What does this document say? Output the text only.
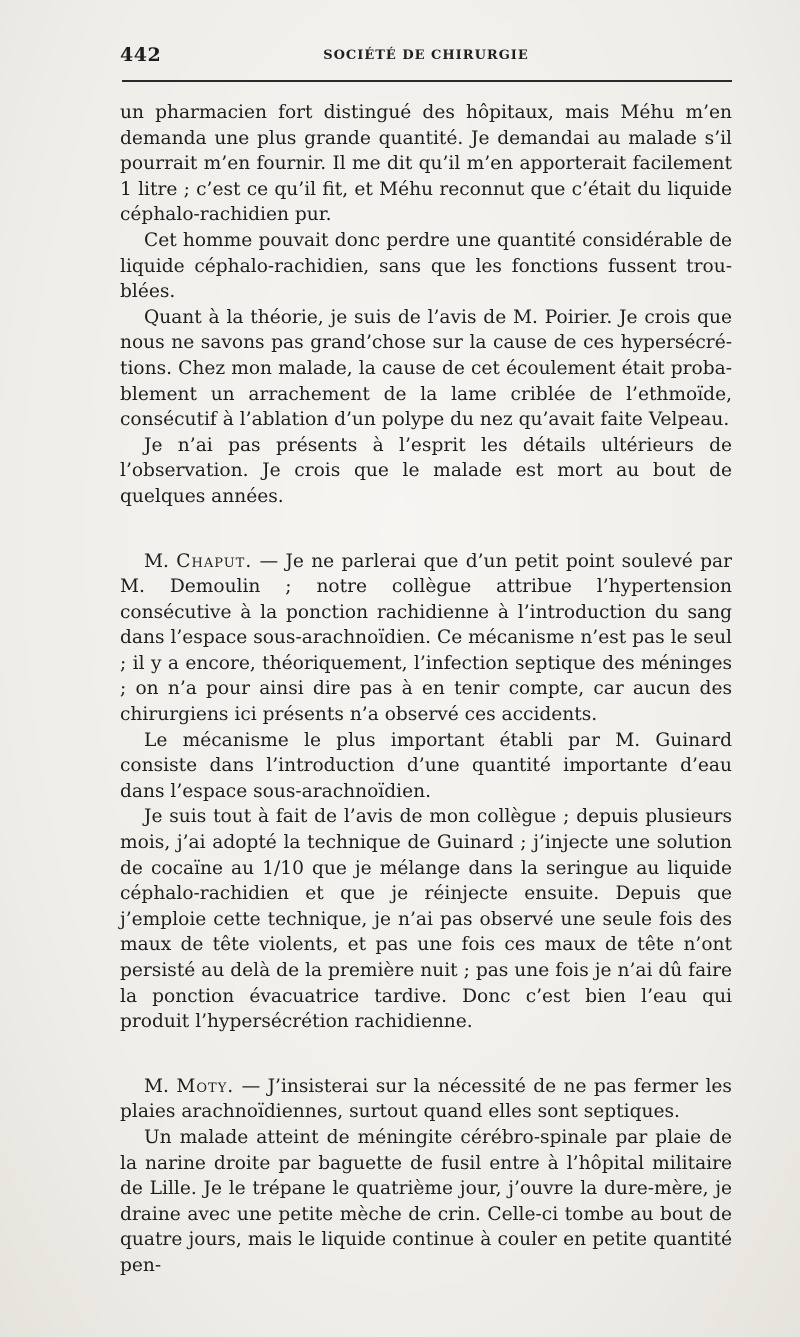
442	SOCIÉTÉ DE CHIRURGIE

un pharmacien fort distingué des hôpitaux, mais Méhu m’en demanda une plus grande quantité. Je demandai au malade s’il pourrait m’en fournir. Il me dit qu’il m’en apporterait facilement 1 litre ; c’est ce qu’il fit, et Méhu reconnut que c’était du liquide céphalo-rachidien pur.

Cet homme pouvait donc perdre une quantité considérable de liquide céphalo-rachidien, sans que les fonctions fussent troublées.

Quant à la théorie, je suis de l’avis de M. Poirier. Je crois que nous ne savons pas grand’chose sur la cause de ces hypersécrétions. Chez mon malade, la cause de cet écoulement était probablement un arrachement de la lame criblée de l’ethmoïde, consécutif à l’ablation d’un polype du nez qu’avait faite Velpeau.

Je n’ai pas présents à l’esprit les détails ultérieurs de l’observation. Je crois que le malade est mort au bout de quelques années.

M. Chaput. — Je ne parlerai que d’un petit point soulevé par M. Demoulin ; notre collègue attribue l’hypertension consécutive à la ponction rachidienne à l’introduction du sang dans l’espace sous-arachnoïdien. Ce mécanisme n’est pas le seul ; il y a encore, théoriquement, l’infection septique des méninges ; on n’a pour ainsi dire pas à en tenir compte, car aucun des chirurgiens ici présents n’a observé ces accidents.

Le mécanisme le plus important établi par M. Guinard consiste dans l’introduction d’une quantité importante d’eau dans l’espace sous-arachnoïdien.

Je suis tout à fait de l’avis de mon collègue ; depuis plusieurs mois, j’ai adopté la technique de Guinard ; j’injecte une solution de cocaïne au 1/10 que je mélange dans la seringue au liquide céphalo-rachidien et que je réinjecte ensuite. Depuis que j’emploie cette technique, je n’ai pas observé une seule fois des maux de tête violents, et pas une fois ces maux de tête n’ont persisté au delà de la première nuit ; pas une fois je n’ai dû faire la ponction évacuatrice tardive. Donc c’est bien l’eau qui produit l’hypersécrétion rachidienne.

M. Moty. — J’insisterai sur la nécessité de ne pas fermer les plaies arachnoïdiennes, surtout quand elles sont septiques.

Un malade atteint de méningite cérébro-spinale par plaie de la narine droite par baguette de fusil entre à l’hôpital militaire de Lille. Je le trépane le quatrième jour, j’ouvre la dure-mère, je draine avec une petite mèche de crin. Celle-ci tombe au bout de quatre jours, mais le liquide continue à couler en petite quantité pen-
